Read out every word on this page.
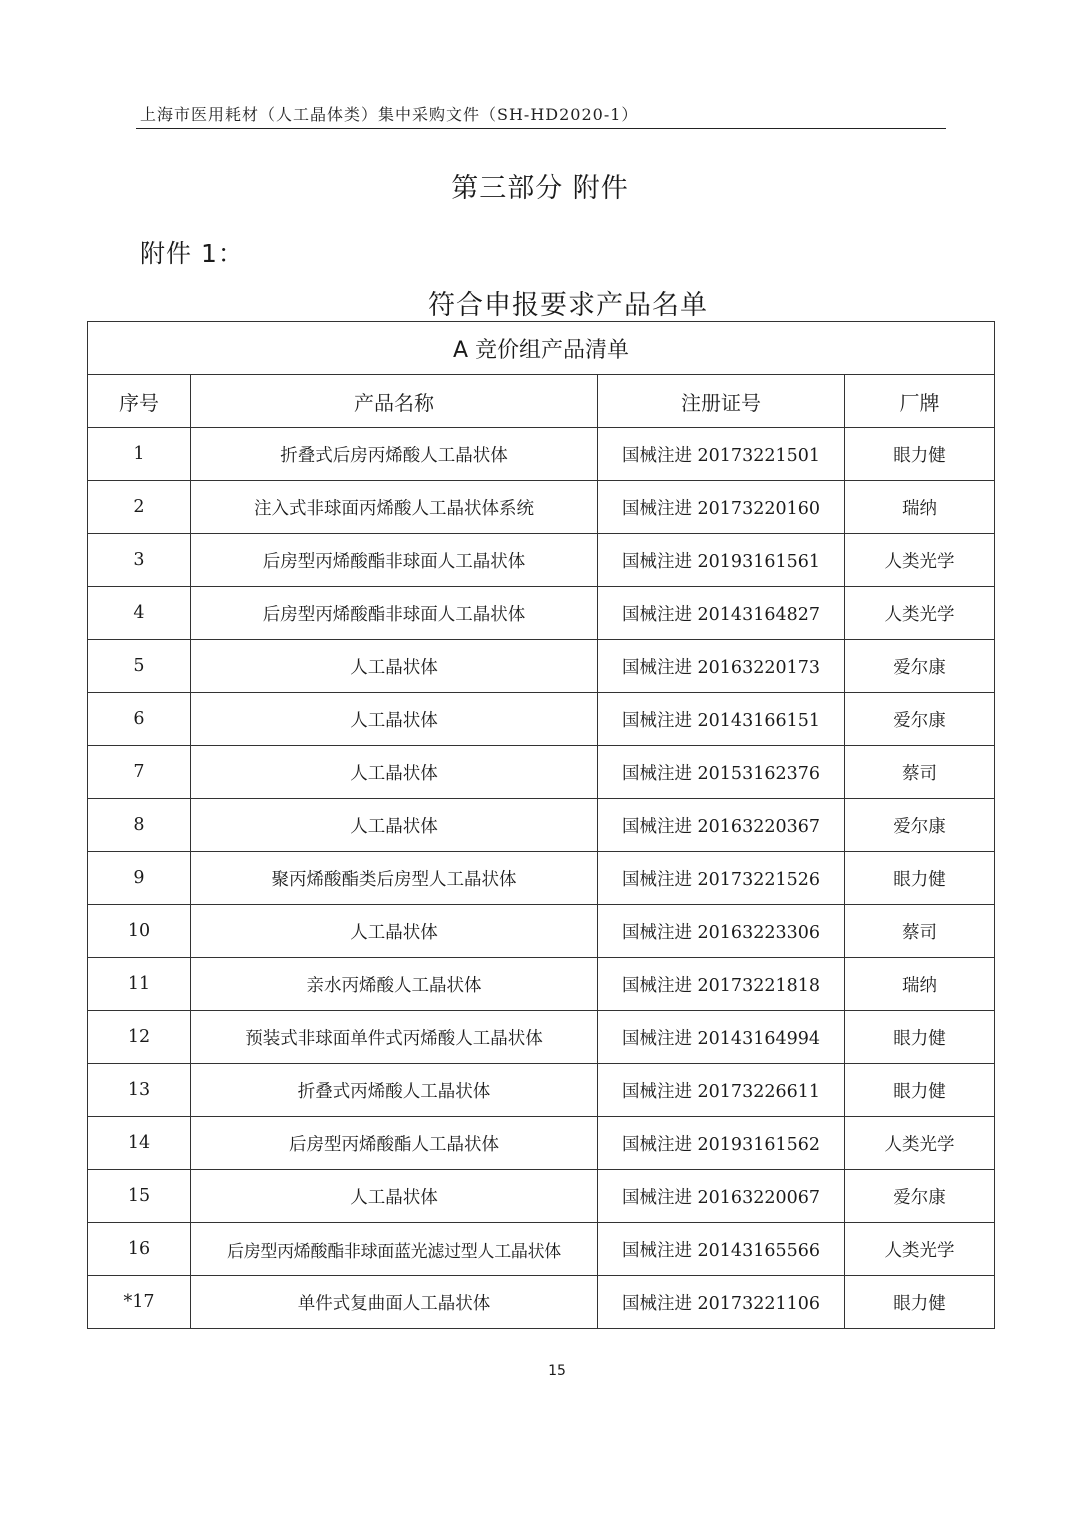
上海市医用耗材（人工晶体类）集中采购文件（SH-HD2020-1）
第三部分 附件
附件 1：
符合申报要求产品名单
A 竞价组产品清单			
序号	产品名称	注册证号	厂牌
1	折叠式后房丙烯酸人工晶状体	国械注进 20173221501	眼力健
2	注入式非球面丙烯酸人工晶状体系统	国械注进 20173220160	瑞纳
3	后房型丙烯酸酯非球面人工晶状体	国械注进 20193161561	人类光学
4	后房型丙烯酸酯非球面人工晶状体	国械注进 20143164827	人类光学
5	人工晶状体	国械注进 20163220173	爱尔康
6	人工晶状体	国械注进 20143166151	爱尔康
7	人工晶状体	国械注进 20153162376	蔡司
8	人工晶状体	国械注进 20163220367	爱尔康
9	聚丙烯酸酯类后房型人工晶状体	国械注进 20173221526	眼力健
10	人工晶状体	国械注进 20163223306	蔡司
11	亲水丙烯酸人工晶状体	国械注进 20173221818	瑞纳
12	预装式非球面单件式丙烯酸人工晶状体	国械注进 20143164994	眼力健
13	折叠式丙烯酸人工晶状体	国械注进 20173226611	眼力健
14	后房型丙烯酸酯人工晶状体	国械注进 20193161562	人类光学
15	人工晶状体	国械注进 20163220067	爱尔康
16	后房型丙烯酸酯非球面蓝光滤过型人工晶状体	国械注进 20143165566	人类光学
*17	单件式复曲面人工晶状体	国械注进 20173221106	眼力健
15
